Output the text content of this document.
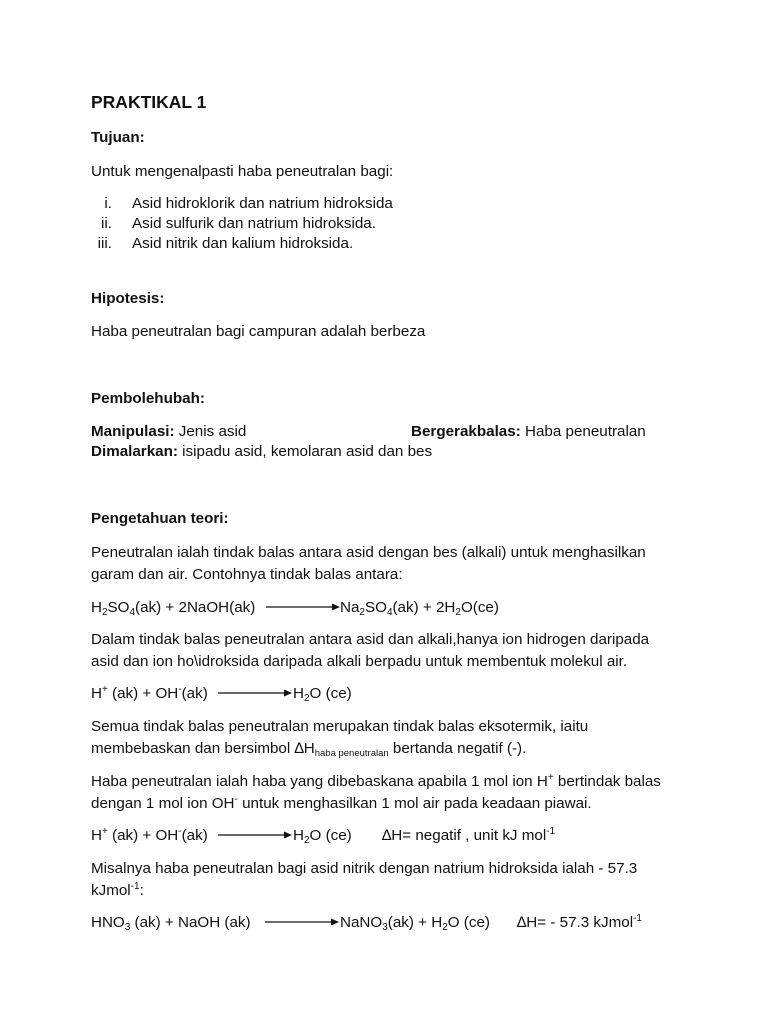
PRAKTIKAL 1
Tujuan:
Untuk mengenalpasti haba peneutralan bagi:
i. Asid hidroklorik dan natrium hidroksida
ii. Asid sulfurik dan natrium hidroksida.
iii. Asid nitrik dan kalium hidroksida.
Hipotesis:
Haba peneutralan bagi campuran adalah berbeza
Pembolehubah:
Manipulasi: Jenis asid	Bergerakbalas: Haba peneutralan
Dimalarkan: isipadu asid, kemolaran asid dan bes
Pengetahuan teori:
Peneutralan ialah tindak balas antara asid dengan bes (alkali) untuk menghasilkan
garam dan air. Contohnya tindak balas antara:
$H_2SO_4(ak)$ + 2NaOH(ak)	$Na_2SO_4(ak) + 2H_2O(ce)$
Dalam tindak balas peneutralan antara asid dan alkali,hanya ion hidrogen daripada
asid dan ion ho\idroksida daripada alkali berpadu untuk membentuk molekul air.
H+ (ak) + OH-(ak)	$H_2O$ (ce)
Semua tindak balas peneutralan merupakan tindak balas eksotermik, iaitu
membebaskan dan bersimbol $\Delta H_{haba peneutralan}$ bertanda negatif (-).
Haba peneutralan ialah haba yang dibebaskana apabila 1 mol ion H+ bertindak balas
dengan 1 mol ion OH- untuk menghasilkan 1 mol air pada keadaan piawai.
H+ (ak) + OH-(ak)	$H_2O$ (ce) ∆H= negatif , unit kJ mol$^{-1}$
Misalnya haba peneutralan bagi asid nitrik dengan natrium hidroksida ialah - 57.3
kJmol$^{-1}$:
$HNO_3$ (ak) + NaOH (ak)	NaNO$_3$(ak) + $H_2O$ (ce) ∆H= - 57.3 kJmol$^{-1}$
